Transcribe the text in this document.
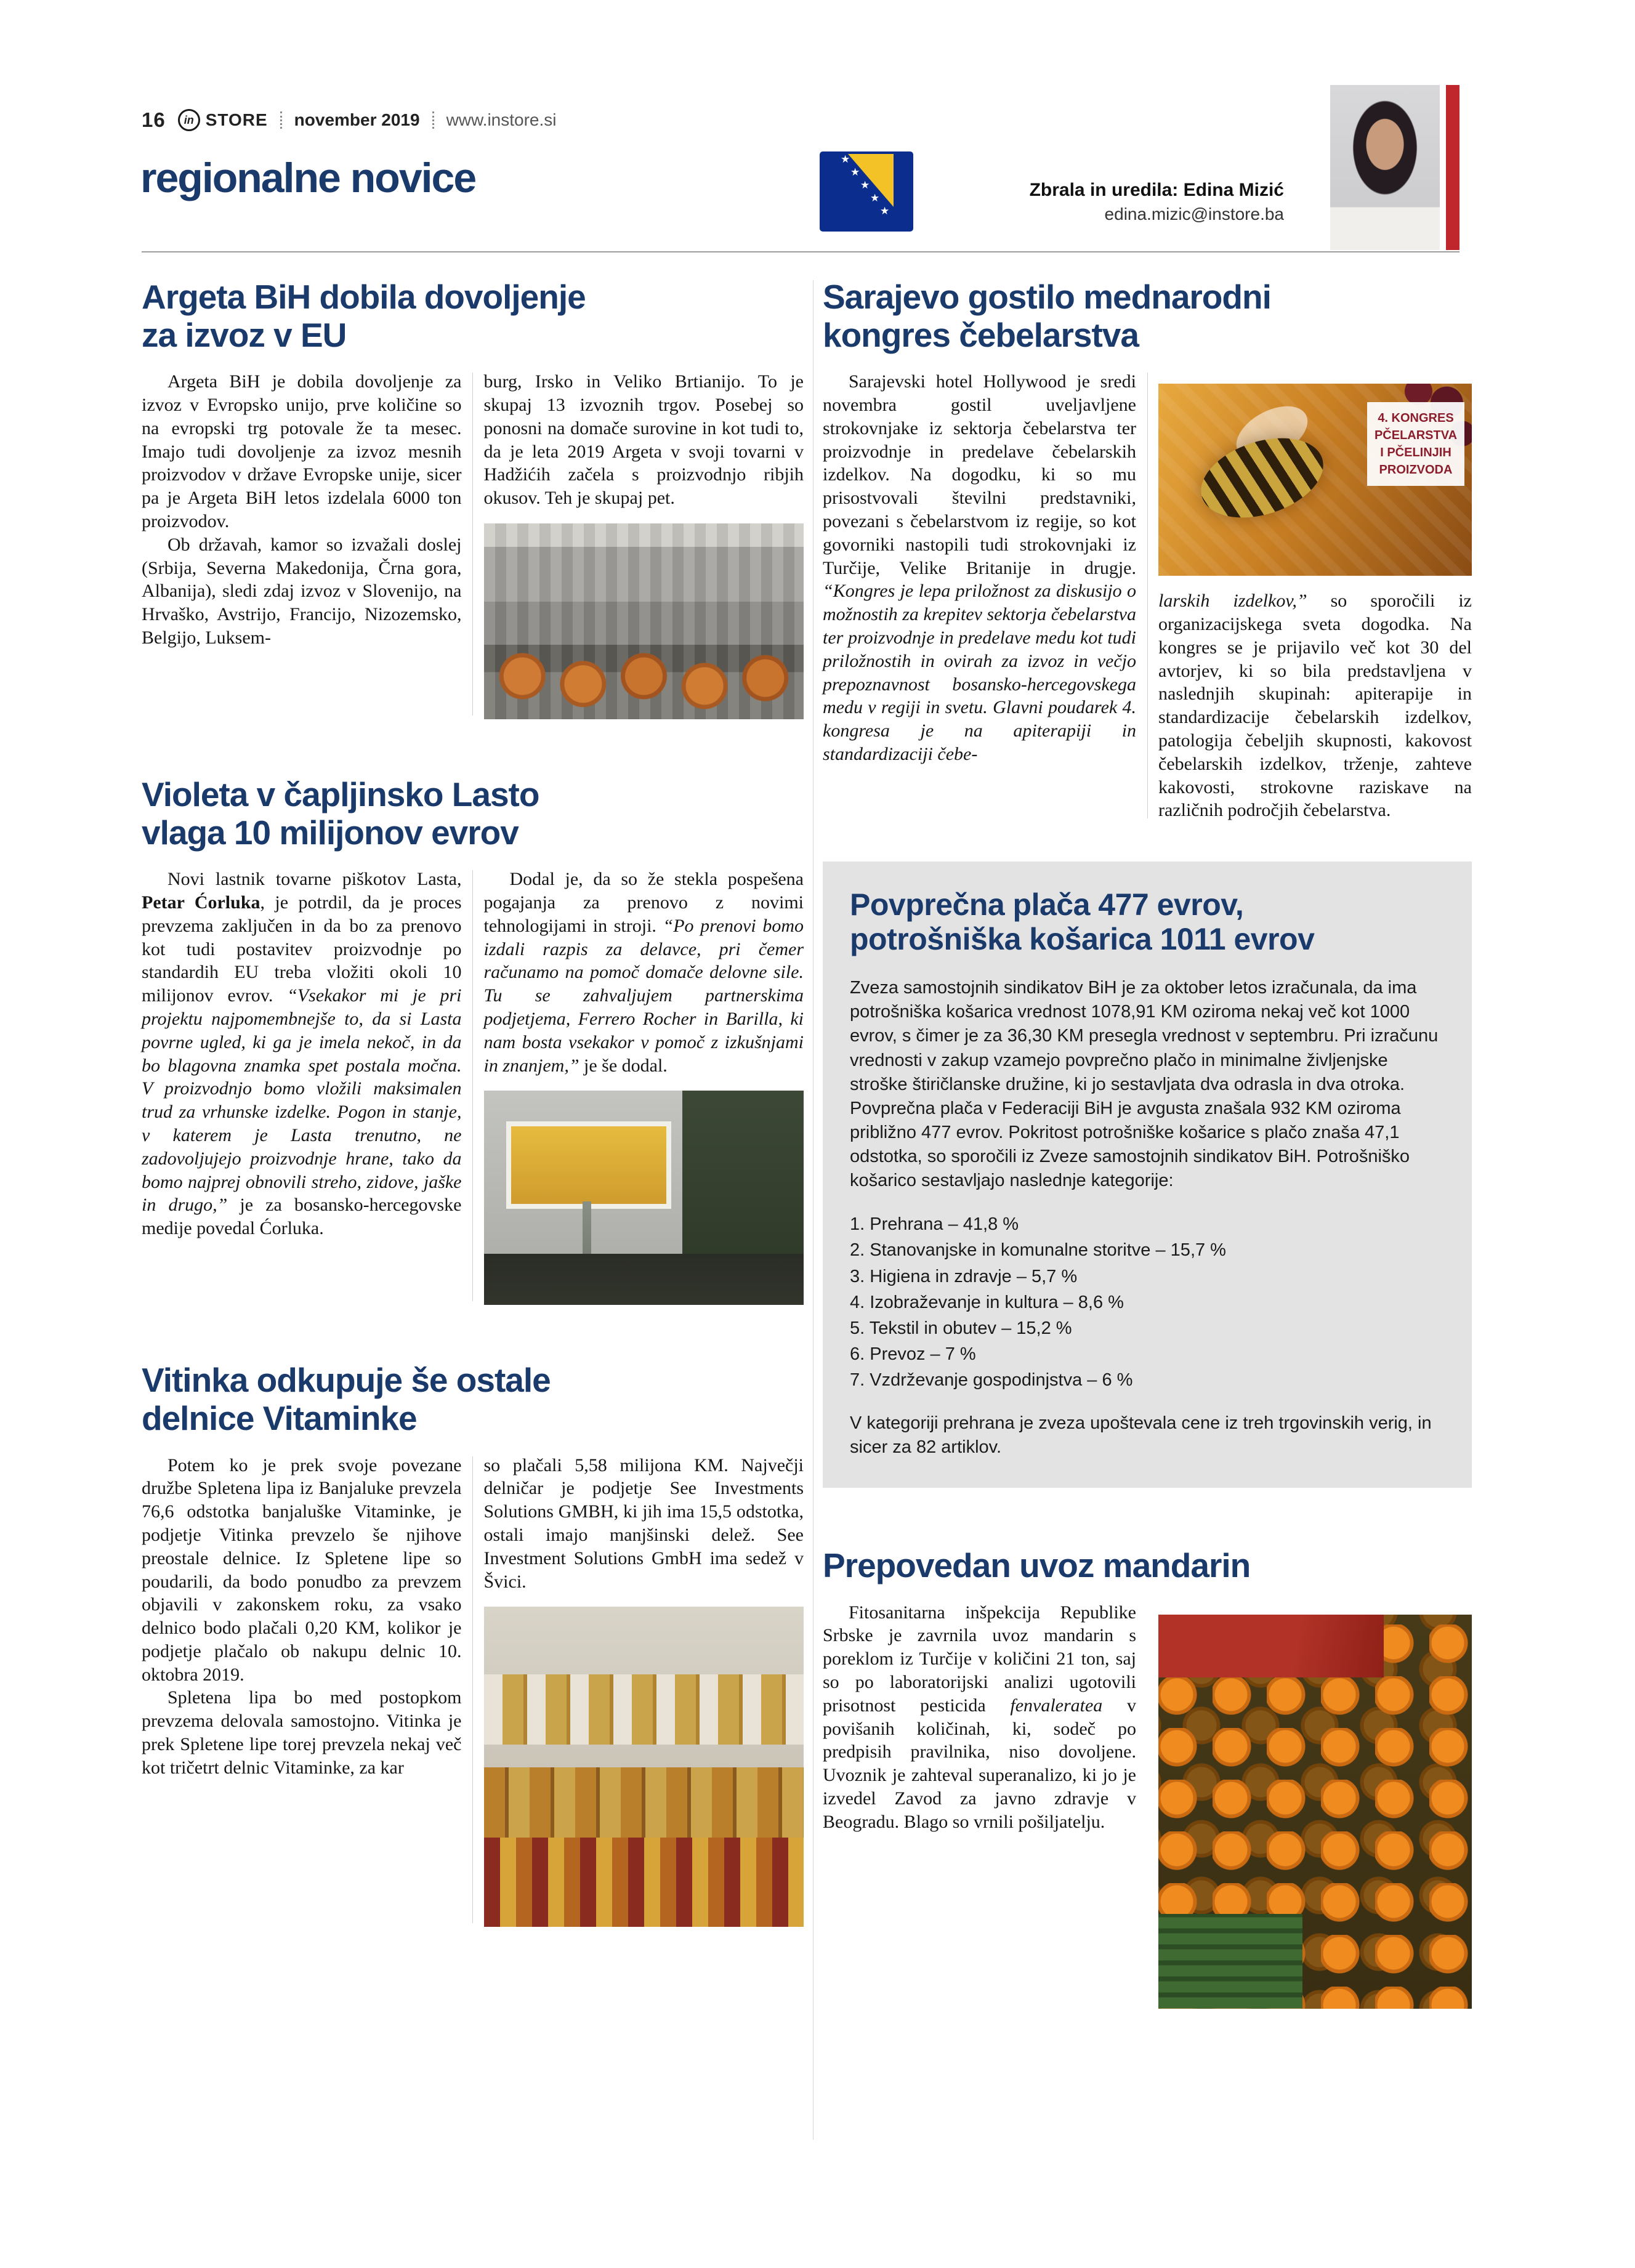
16 in STORE november 2019 www.instore.si
regionalne novice	★
★
★
★
★
Zbrala in uredila: Edina Mizić
edina.mizic@instore.ba
Argeta BiH dobila dovoljenje
za izvoz v EU

Argeta BiH je dobila dovoljenje za izvoz v Evropsko unijo, prve količine so na evropski trg potovale že ta mesec. Imajo tudi dovoljenje za izvoz mesnih proizvodov v države Evropske unije, sicer pa je Argeta BiH letos izdelala 6000 ton proizvodov.

Ob državah, kamor so izvažali doslej (Srbija, Severna Makedonija, Črna gora, Albanija), sledi zdaj izvoz v Slovenijo, na Hrvaško, Avstrijo, Francijo, Nizozemsko, Belgijo, Luksem-

burg, Irsko in Veliko Brtianijo. To je skupaj 13 izvoznih trgov. Posebej so ponosni na domače surovine in kot tudi to, da je leta 2019 Argeta v svoji tovarni v Hadžićih začela s proizvodnjo ribjih okusov. Teh je skupaj pet.

Violeta v čapljinsko Lasto
vlaga 10 milijonov evrov

Novi lastnik tovarne piškotov Lasta, Petar Ćorluka, je potrdil, da je proces prevzema zaključen in da bo za prenovo kot tudi postavitev proizvodnje po standardih EU treba vložiti okoli 10 milijonov evrov. “Vsekakor mi je pri projektu najpomembnejše to, da si Lasta povrne ugled, ki ga je imela nekoč, in da bo blagovna znamka spet postala močna. V proizvodnjo bomo vložili maksimalen trud za vrhunske izdelke. Pogon in stanje, v katerem je Lasta trenutno, ne zadovoljujejo proizvodnje hrane, tako da bomo najprej obnovili streho, zidove, jaške in drugo,” je za bosansko-hercegovske medije povedal Ćorluka.

Dodal je, da so že stekla pospešena pogajanja za prenovo z novimi tehnologijami in stroji. “Po prenovi bomo izdali razpis za delavce, pri čemer računamo na pomoč domače delovne sile. Tu se zahvaljujem partnerskima podjetjema, Ferrero Rocher in Barilla, ki nam bosta vsekakor v pomoč z izkušnjami in znanjem,” je še dodal.

Vitinka odkupuje še ostale
delnice Vitaminke

Potem ko je prek svoje povezane družbe Spletena lipa iz Banjaluke prevzela 76,6 odstotka banjaluške Vitaminke, je podjetje Vitinka prevzelo še njihove preostale delnice. Iz Spletene lipe so poudarili, da bodo ponudbo za prevzem objavili v zakonskem roku, za vsako delnico bodo plačali 0,20 KM, kolikor je podjetje plačalo ob nakupu delnic 10. oktobra 2019.

Spletena lipa bo med postopkom prevzema delovala samostojno. Vitinka je prek Spletene lipe torej prevzela nekaj več kot tričetrt delnic Vitaminke, za kar

so plačali 5,58 milijona KM. Največji delničar je podjetje See Investments Solutions GMBH, ki jih ima 15,5 odstotka, ostali imajo manjšinski delež. See Investment Solutions GmbH ima sedež v Švici.

Sarajevo gostilo mednarodni
kongres čebelarstva

Sarajevski hotel Hollywood je sredi novembra gostil uveljavljene strokovnjake iz sektorja čebelarstva ter proizvodnje in predelave čebelarskih izdelkov. Na dogodku, ki so mu prisostvovali številni predstavniki, povezani s čebelarstvom iz regije, so kot govorniki nastopili tudi strokovnjaki iz Turčije, Velike Britanije in drugje. “Kongres je lepa priložnost za diskusijo o možnostih za krepitev sektorja čebelarstva ter proizvodnje in predelave medu kot tudi priložnostih in ovirah za izvoz in večjo prepoznavnost bosansko-hercegovskega medu v regiji in svetu. Glavni poudarek 4. kongresa je na apiterapiji in standardizaciji čebe-

4. KONGRES
PČELARSTVA
I PČELINJIH
PROIZVODA

larskih izdelkov,” so sporočili iz organizacijskega sveta dogodka. Na kongres se je prijavilo več kot 30 del avtorjev, ki so bila predstavljena v naslednjih skupinah: apiterapije in standardizacije čebelarskih izdelkov, patologija čebeljih skupnosti, kakovost čebelarskih izdelkov, trženje, zahteve kakovosti, strokovne raziskave na različnih področjih čebelarstva.

Povprečna plača 477 evrov,
potrošniška košarica 1011 evrov

Zveza samostojnih sindikatov BiH je za oktober letos izračunala, da ima potrošniška košarica vrednost 1078,91 KM oziroma nekaj več kot 1000 evrov, s čimer je za 36,30 KM presegla vrednost v septembru. Pri izračunu vrednosti v zakup vzamejo povprečno plačo in minimalne življenjske stroške štiričlanske družine, ki jo sestavljata dva odrasla in dva otroka. Povprečna plača v Federaciji BiH je avgusta znašala 932 KM oziroma približno 477 evrov. Pokritost potrošniške košarice s plačo znaša 47,1 odstotka, so sporočili iz Zveze samostojnih sindikatov BiH. Potrošniško košarico sestavljajo naslednje kategorije:

1. Prehrana – 41,8 %
2. Stanovanjske in komunalne storitve – 15,7 %
3. Higiena in zdravje – 5,7 %
4. Izobraževanje in kultura – 8,6 %
5. Tekstil in obutev – 15,2 %
6. Prevoz – 7 %
7. Vzdrževanje gospodinjstva – 6 %

V kategoriji prehrana je zveza upoštevala cene iz treh trgovinskih verig, in sicer za 82 artiklov.

Prepovedan uvoz mandarin

Fitosanitarna inšpekcija Republike Srbske je zavrnila uvoz mandarin s poreklom iz Turčije v količini 21 ton, saj so po laboratorijski analizi ugotovili prisotnost pesticida fenvaleratea v povišanih količinah, ki, sodeč po predpisih pravilnika, niso dovoljene. Uvoznik je zahteval superanalizo, ki jo je izvedel Zavod za javno zdravje v Beogradu. Blago so vrnili pošiljatelju.
